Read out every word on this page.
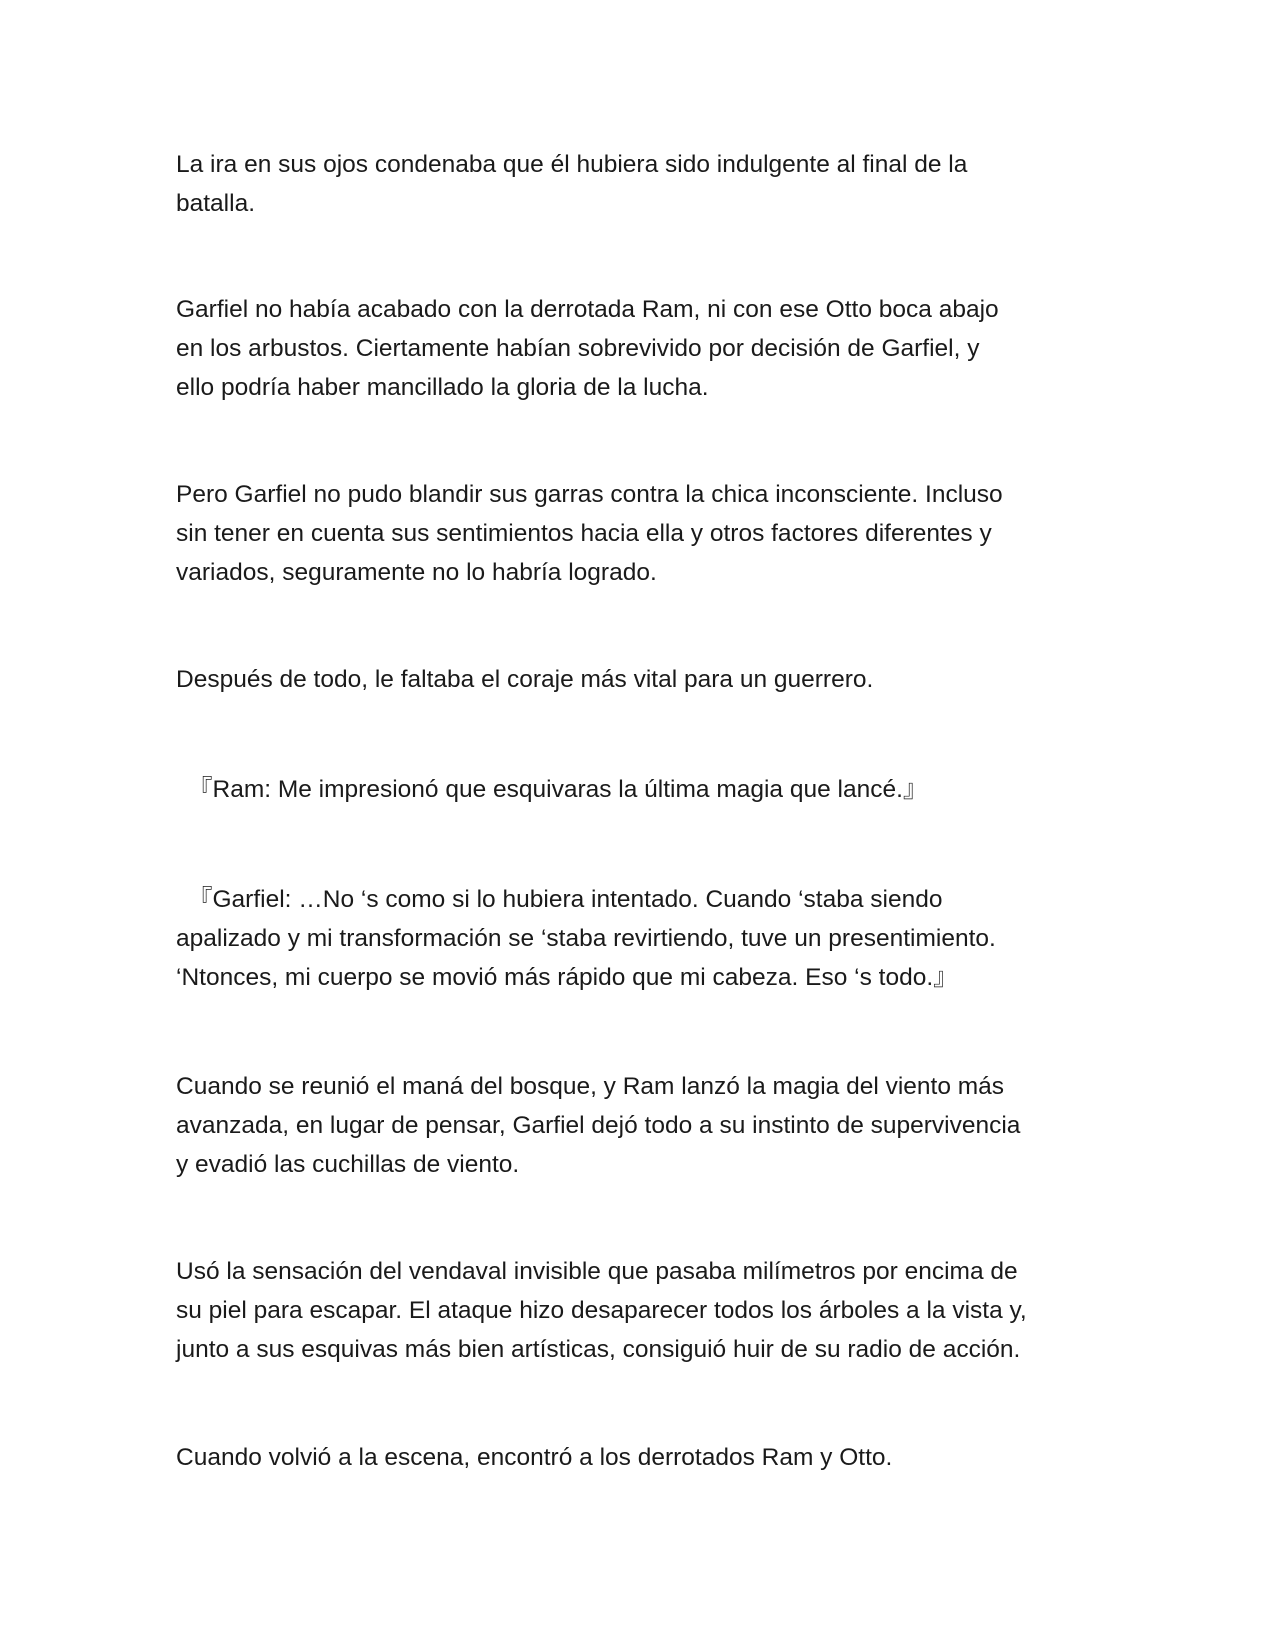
La ira en sus ojos condenaba que él hubiera sido indulgente al final de la
batalla.

Garfiel no había acabado con la derrotada Ram, ni con ese Otto boca abajo
en los arbustos. Ciertamente habían sobrevivido por decisión de Garfiel, y
ello podría haber mancillado la gloria de la lucha.

Pero Garfiel no pudo blandir sus garras contra la chica inconsciente. Incluso
sin tener en cuenta sus sentimientos hacia ella y otros factores diferentes y
variados, seguramente no lo habría logrado.

Después de todo, le faltaba el coraje más vital para un guerrero.

『Ram: Me impresionó que esquivaras la última magia que lancé.』

『Garfiel: …No ‘s como si lo hubiera intentado. Cuando ‘staba siendo
apalizado y mi transformación se ‘staba revirtiendo, tuve un presentimiento.
‘Ntonces, mi cuerpo se movió más rápido que mi cabeza. Eso ‘s todo.』

Cuando se reunió el maná del bosque, y Ram lanzó la magia del viento más
avanzada, en lugar de pensar, Garfiel dejó todo a su instinto de supervivencia
y evadió las cuchillas de viento.

Usó la sensación del vendaval invisible que pasaba milímetros por encima de
su piel para escapar. El ataque hizo desaparecer todos los árboles a la vista y,
junto a sus esquivas más bien artísticas, consiguió huir de su radio de acción.

Cuando volvió a la escena, encontró a los derrotados Ram y Otto.
